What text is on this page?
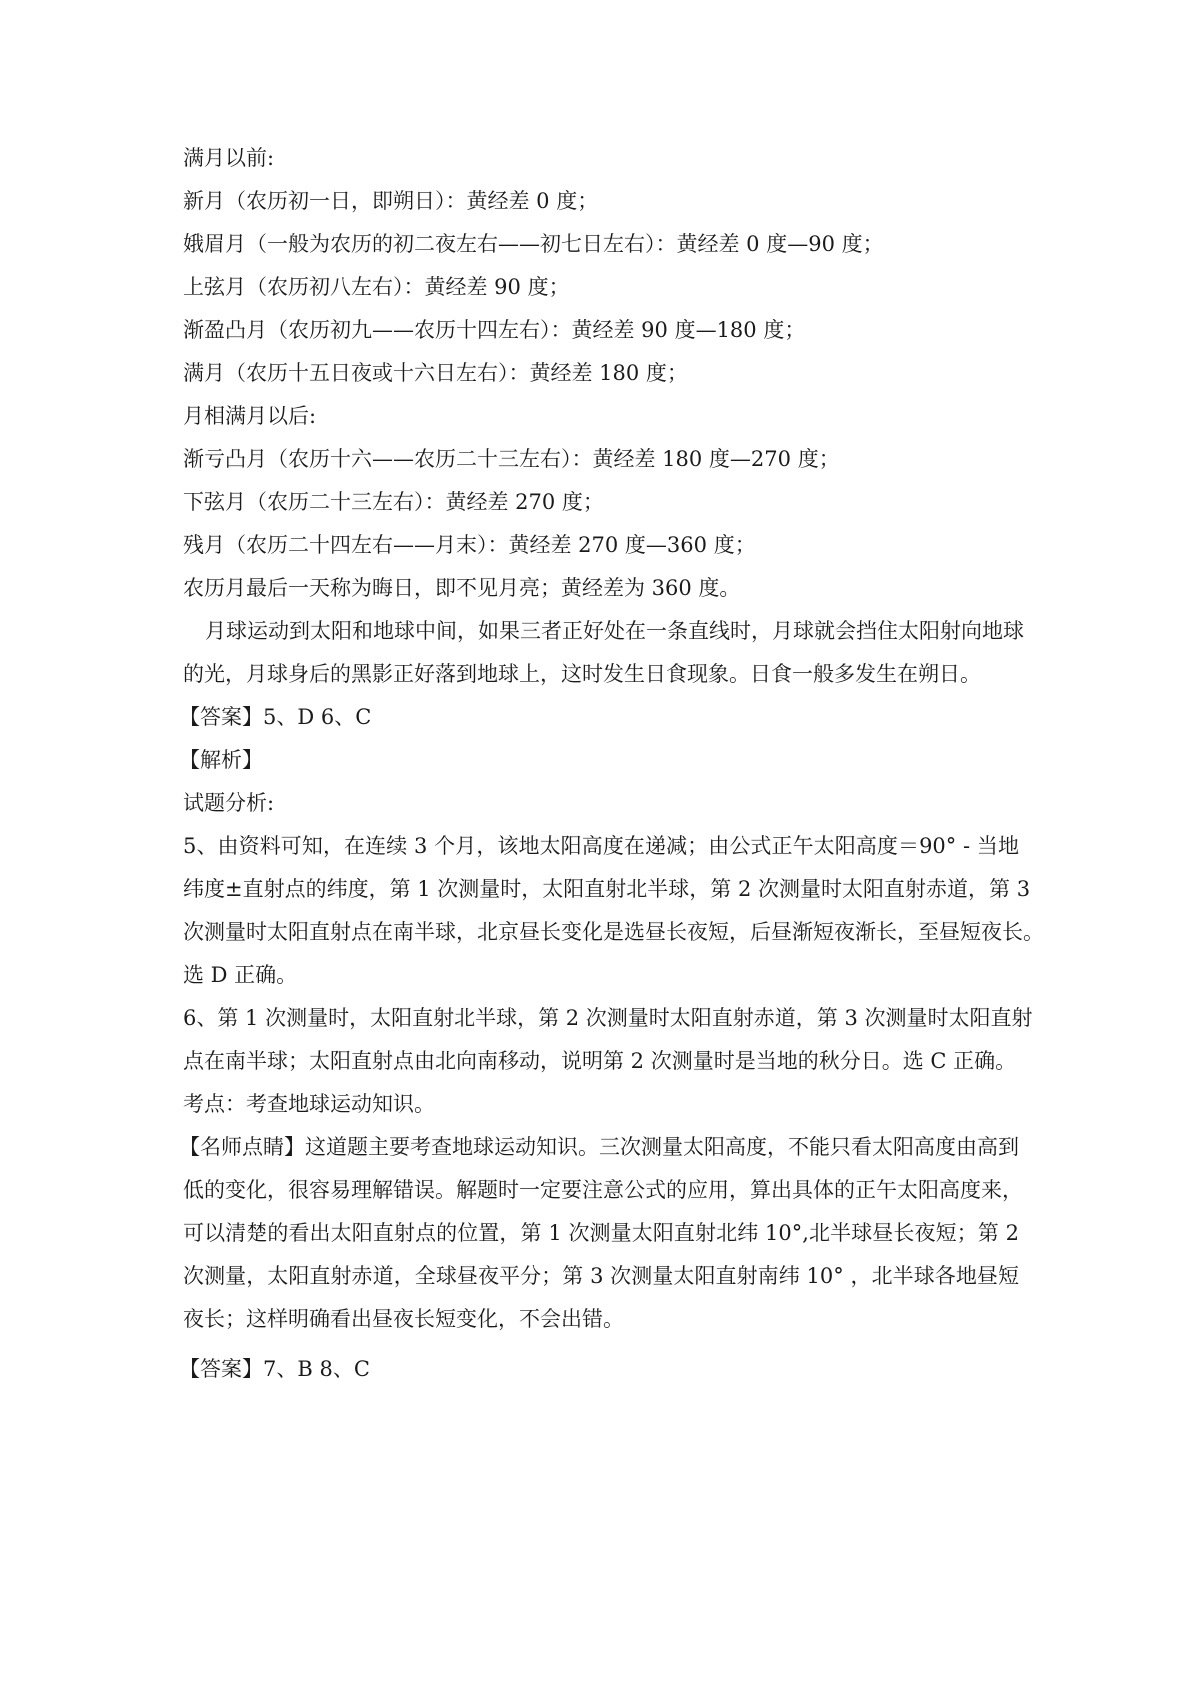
满月以前:
新月（农历初一日，即朔日）：黄经差 0 度；
娥眉月（一般为农历的初二夜左右——初七日左右）：黄经差 0 度—90 度；
上弦月（农历初八左右）：黄经差 90 度；
渐盈凸月（农历初九——农历十四左右）：黄经差 90 度—180 度；
满月（农历十五日夜或十六日左右）：黄经差 180 度；
月相满月以后:
渐亏凸月（农历十六——农历二十三左右）：黄经差 180 度—270 度；
下弦月（农历二十三左右）：黄经差 270 度；
残月（农历二十四左右——月末）：黄经差 270 度—360 度；
农历月最后一天称为晦日，即不见月亮；黄经差为 360 度。
月球运动到太阳和地球中间，如果三者正好处在一条直线时，月球就会挡住太阳射向地球
的光，月球身后的黑影正好落到地球上，这时发生日食现象。日食一般多发生在朔日。
【答案】5、D 6、C
【解析】
试题分析:
5、由资料可知，在连续 3 个月，该地太阳高度在递减；由公式正午太阳高度＝90° - 当地
纬度±直射点的纬度，第 1 次测量时，太阳直射北半球，第 2 次测量时太阳直射赤道，第 3
次测量时太阳直射点在南半球，北京昼长变化是选昼长夜短，后昼渐短夜渐长，至昼短夜长。
选 D 正确。
6、第 1 次测量时，太阳直射北半球，第 2 次测量时太阳直射赤道，第 3 次测量时太阳直射
点在南半球；太阳直射点由北向南移动，说明第 2 次测量时是当地的秋分日。选 C 正确。
考点：考查地球运动知识。
【名师点睛】这道题主要考查地球运动知识。三次测量太阳高度，不能只看太阳高度由高到
低的变化，很容易理解错误。解题时一定要注意公式的应用，算出具体的正午太阳高度来，
可以清楚的看出太阳直射点的位置，第 1 次测量太阳直射北纬 10°,北半球昼长夜短；第 2
次测量，太阳直射赤道，全球昼夜平分；第 3 次测量太阳直射南纬 10° ，北半球各地昼短
夜长；这样明确看出昼夜长短变化，不会出错。
【答案】7、B 8、C
